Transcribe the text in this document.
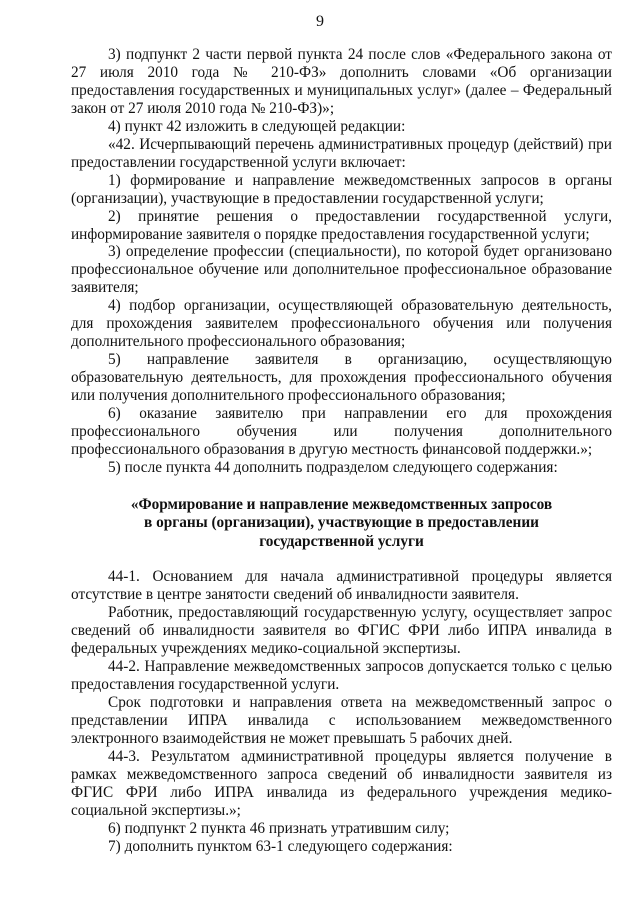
9

3) подпункт 2 части первой пункта 24 после слов «Федерального закона от 27 июля 2010 года № 210-ФЗ» дополнить словами «Об организации предоставления государственных и муниципальных услуг» (далее – Федеральный закон от 27 июля 2010 года № 210-ФЗ)»;

4) пункт 42 изложить в следующей редакции:

«42. Исчерпывающий перечень административных процедур (действий) при предоставлении государственной услуги включает:

1) формирование и направление межведомственных запросов в органы (организации), участвующие в предоставлении государственной услуги;

2) принятие решения о предоставлении государственной услуги, информирование заявителя о порядке предоставления государственной услуги;

3) определение профессии (специальности), по которой будет организовано профессиональное обучение или дополнительное профессиональное образование заявителя;

4) подбор организации, осуществляющей образовательную деятельность, для прохождения заявителем профессионального обучения или получения дополнительного профессионального образования;

5) направление заявителя в организацию, осуществляющую образовательную деятельность, для прохождения профессионального обучения или получения дополнительного профессионального образования;

6) оказание заявителю при направлении его для прохождения профессионального обучения или получения дополнительного профессионального образования в другую местность финансовой поддержки.»;

5) после пункта 44 дополнить подразделом следующего содержания:

«Формирование и направление межведомственных запросов
в органы (организации), участвующие в предоставлении
государственной услуги

44-1. Основанием для начала административной процедуры является отсутствие в центре занятости сведений об инвалидности заявителя.

Работник, предоставляющий государственную услугу, осуществляет запрос сведений об инвалидности заявителя во ФГИС ФРИ либо ИПРА инвалида в федеральных учреждениях медико-социальной экспертизы.

44-2. Направление межведомственных запросов допускается только с целью предоставления государственной услуги.

Срок подготовки и направления ответа на межведомственный запрос о представлении ИПРА инвалида с использованием межведомственного электронного взаимодействия не может превышать 5 рабочих дней.

44-3. Результатом административной процедуры является получение в рамках межведомственного запроса сведений об инвалидности заявителя из ФГИС ФРИ либо ИПРА инвалида из федерального учреждения медико-социальной экспертизы.»;

6) подпункт 2 пункта 46 признать утратившим силу;

7) дополнить пунктом 63-1 следующего содержания:
